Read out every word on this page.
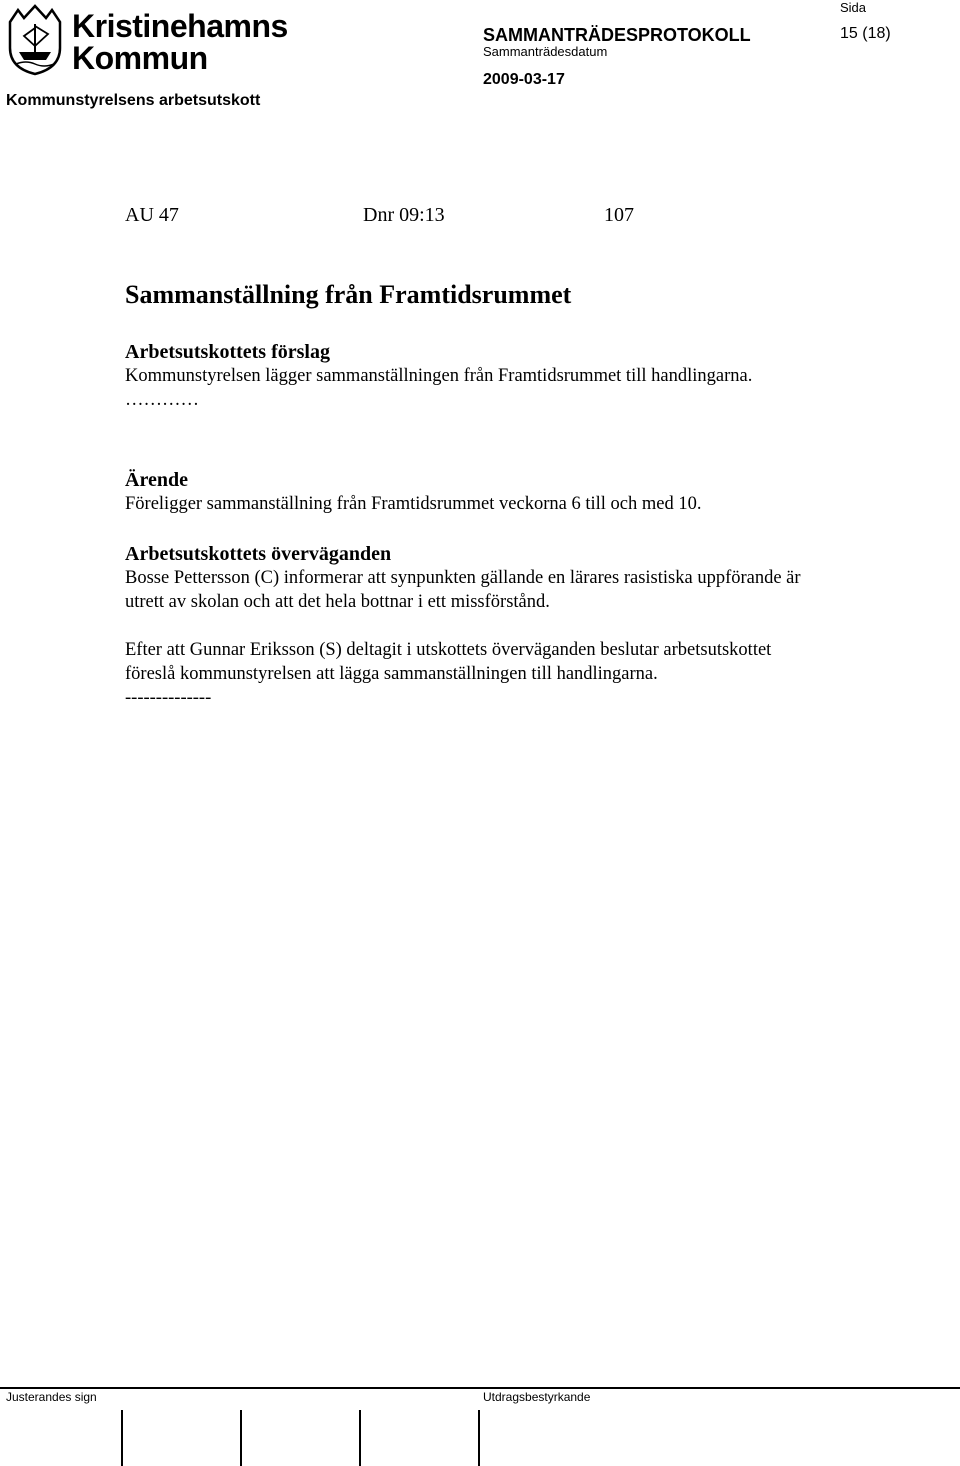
Kristinehamns
Kommun
Kommunstyrelsens arbetsutskott
SAMMANTRÄDESPROTOKOLL
Sammanträdesdatum
2009-03-17
Sida
15 (18)
AU 47	Dnr 09:13	107
Sammanställning från Framtidsrummet
Arbetsutskottets förslag

Kommunstyrelsen lägger sammanställningen från Framtidsrummet till handlingarna.

…………

Ärende

Föreligger sammanställning från Framtidsrummet veckorna 6 till och med 10.

Arbetsutskottets överväganden

Bosse Pettersson (C) informerar att synpunkten gällande en lärares rasistiska uppförande är utrett av skolan och att det hela bottnar i ett missförstånd.

Efter att Gunnar Eriksson (S) deltagit i utskottets överväganden beslutar arbetsutskottet föreslå kommunstyrelsen att lägga sammanställningen till handlingarna.

--------------

Justerandes sign	Utdragsbestyrkande
